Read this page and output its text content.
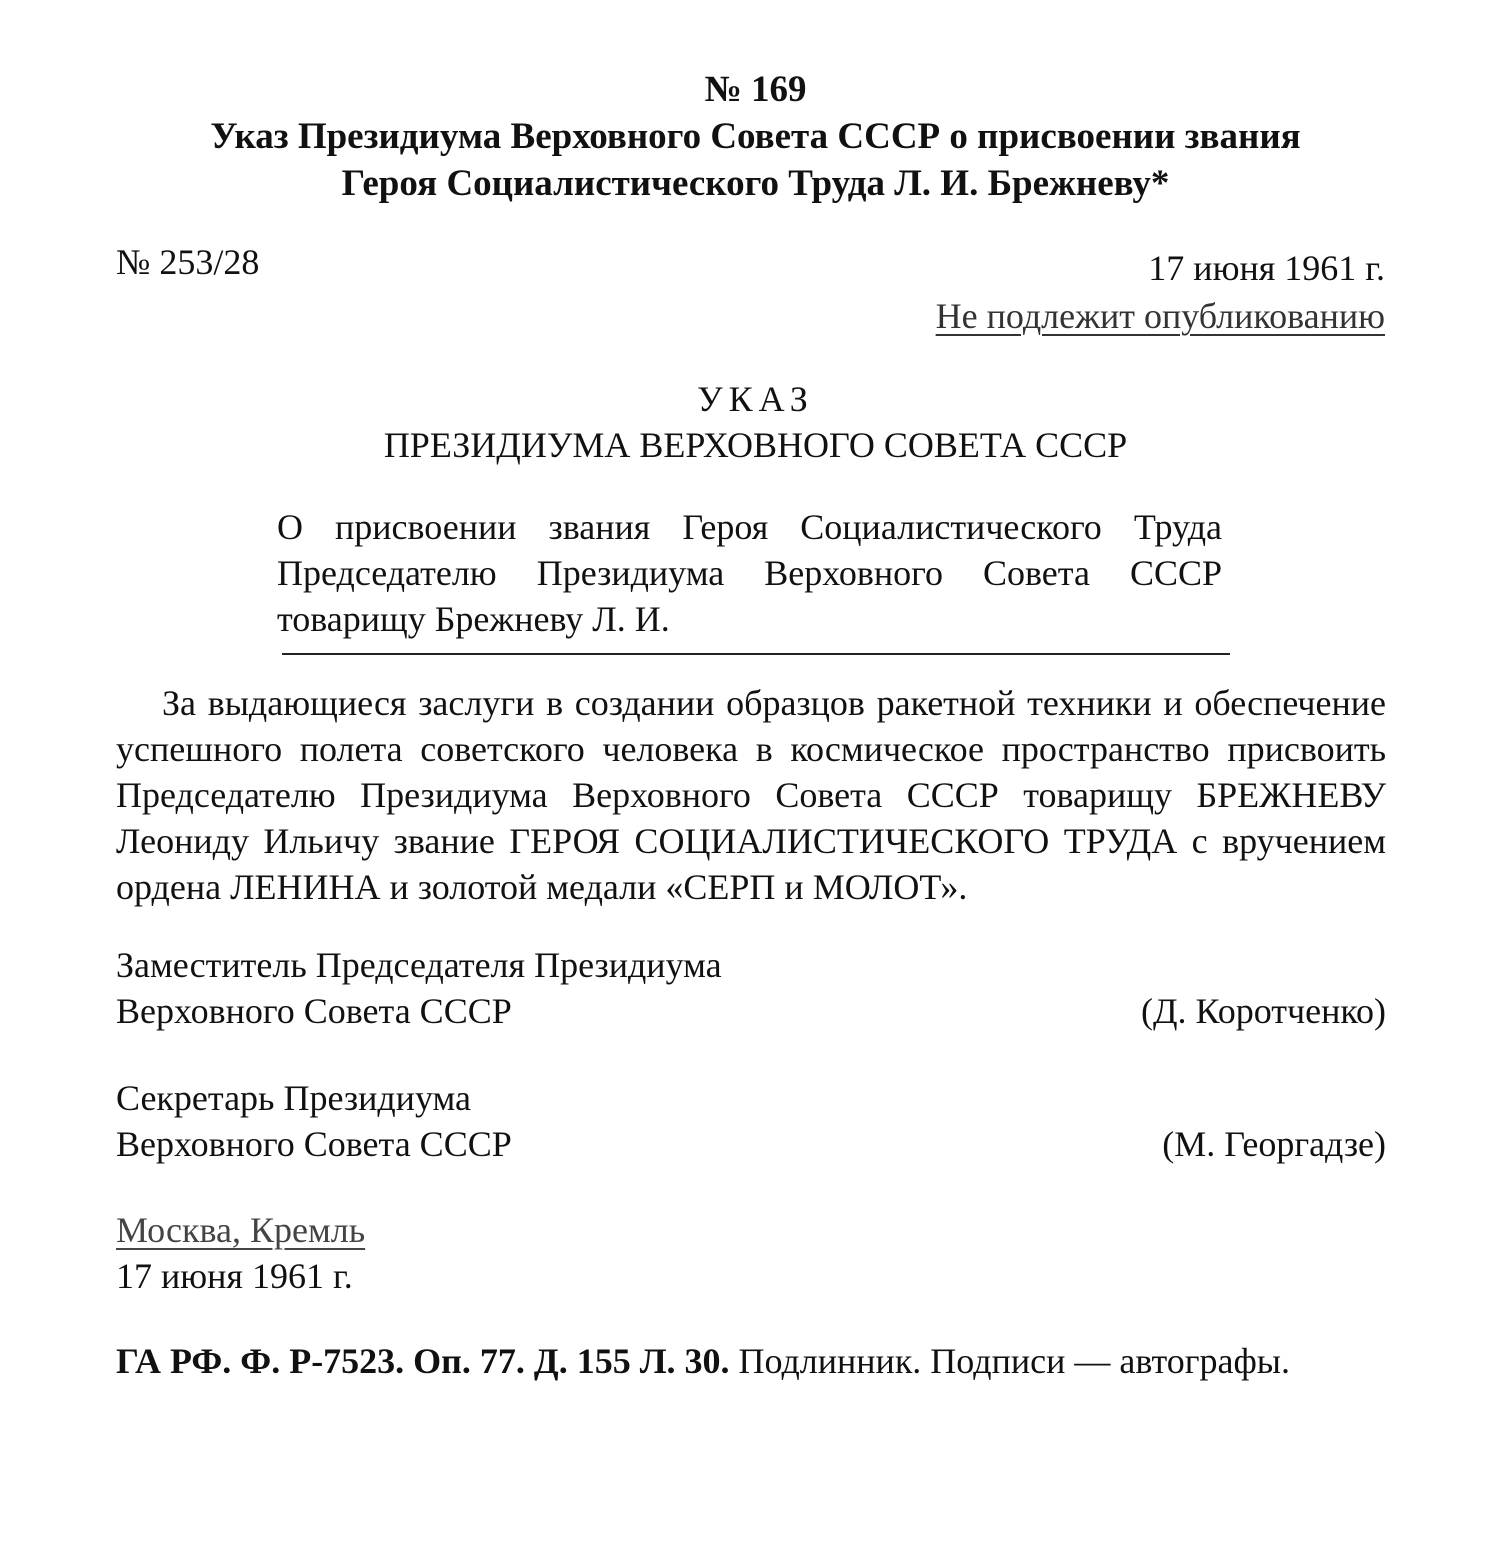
№ 169
Указ Президиума Верховного Совета СССР о присвоении звания
Героя Социалистического Труда Л. И. Брежневу*
№ 253/28	17 июня 1961 г.
Не подлежит опубликованию
УКАЗ
ПРЕЗИДИУМА ВЕРХОВНОГО СОВЕТА СССР
О присвоении звания Героя Социалистического Труда Председателю Президиума Верховного Совета СССР товарищу Брежневу Л. И.
За выдающиеся заслуги в создании образцов ракетной техники и обеспечение успешного полета советского человека в космическое пространство присвоить Председателю Президиума Верховного Совета СССР товарищу БРЕЖНЕВУ Леониду Ильичу звание ГЕРОЯ СОЦИАЛИСТИЧЕСКОГО ТРУДА с вручением ордена ЛЕНИНА и золотой медали «СЕРП и МОЛОТ».
Заместитель Председателя Президиума
Верховного Совета СССР	(Д. Коротченко)
Секретарь Президиума
Верховного Совета СССР	(М. Георгадзе)
Москва, Кремль
17 июня 1961 г.
ГА РФ. Ф. Р-7523. Оп. 77. Д. 155 Л. 30. Подлинник. Подписи — автографы.
